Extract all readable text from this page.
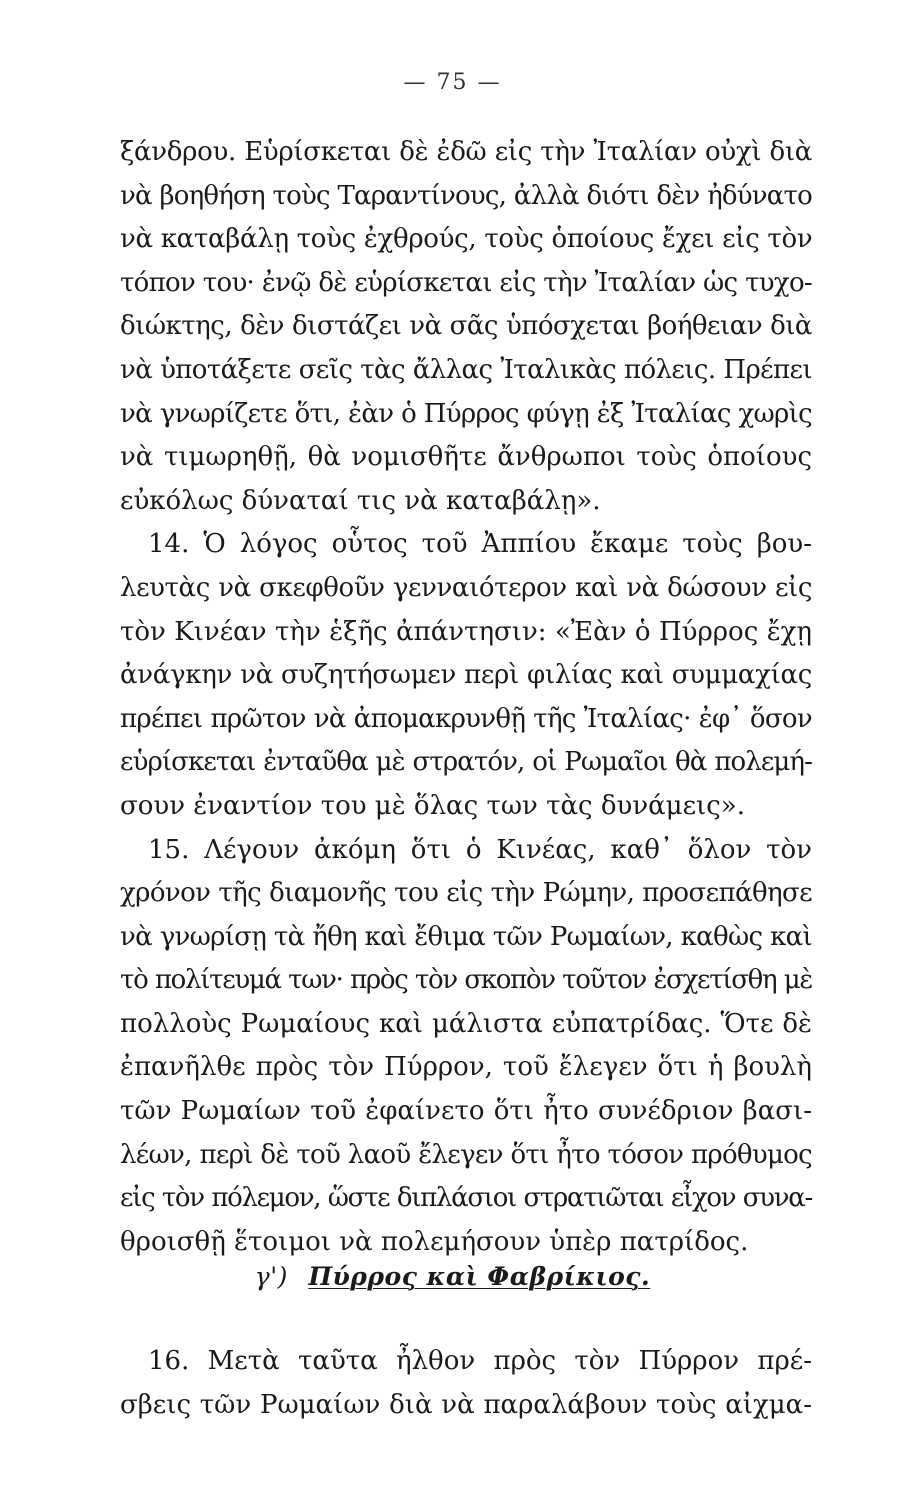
— 75 —
ξάνδρου. Εὑρίσκεται δὲ ἐδῶ εἰς τὴν Ἰταλίαν οὐχὶ διὰ
νὰ βοηθήση τοὺς Ταραντίνους, ἀλλὰ διότι δὲν ἠδύνατο
νὰ καταβάλῃ τοὺς ἐχθρούς, τοὺς ὁποίους ἔχει εἰς τὸν
τόπον του· ἐνῷ δὲ εὑρίσκεται εἰς τὴν Ἰταλίαν ὡς τυχο-
διώκτης, δὲν διστάζει νὰ σᾶς ὑπόσχεται βοήθειαν διὰ
νὰ ὑποτάξετε σεῖς τὰς ἄλλας Ἰταλικὰς πόλεις. Πρέπει
νὰ γνωρίζετε ὅτι, ἐὰν ὁ Πύρρος φύγῃ ἐξ Ἰταλίας χωρὶς
νὰ τιμωρηθῇ, θὰ νομισθῆτε ἄνθρωποι τοὺς ὁποίους
εὐκόλως δύναταί τις νὰ καταβάλῃ».
14. Ὁ λόγος οὗτος τοῦ Ἀππίου ἔκαμε τοὺς βου-
λευτὰς νὰ σκεφθοῦν γενναιότερον καὶ νὰ δώσουν εἰς
τὸν Κινέαν τὴν ἑξῆς ἀπάντησιν: «Ἐὰν ὁ Πύρρος ἔχῃ
ἀνάγκην νὰ συζητήσωμεν περὶ φιλίας καὶ συμμαχίας
πρέπει πρῶτον νὰ ἀπομακρυνθῇ τῆς Ἰταλίας· ἐφ᾽ ὅσον
εὑρίσκεται ἐνταῦθα μὲ στρατόν, οἱ Ρωμαῖοι θὰ πολεμή-
σουν ἐναντίον του μὲ ὅλας των τὰς δυνάμεις».
15. Λέγουν ἀκόμη ὅτι ὁ Κινέας, καθ᾽ ὅλον τὸν
χρόνον τῆς διαμονῆς του εἰς τὴν Ρώμην, προσεπάθησε
νὰ γνωρίσῃ τὰ ἤθη καὶ ἔθιμα τῶν Ρωμαίων, καθὼς καὶ
τὸ πολίτευμά των· πρὸς τὸν σκοπὸν τοῦτον ἐσχετίσθη μὲ
πολλοὺς Ρωμαίους καὶ μάλιστα εὐπατρίδας. Ὅτε δὲ
ἐπανῆλθε πρὸς τὸν Πύρρον, τοῦ ἔλεγεν ὅτι ἡ βουλὴ
τῶν Ρωμαίων τοῦ ἐφαίνετο ὅτι ἦτο συνέδριον βασι-
λέων, περὶ δὲ τοῦ λαοῦ ἔλεγεν ὅτι ἦτο τόσον πρόθυμος
εἰς τὸν πόλεμον, ὥστε διπλάσιοι στρατιῶται εἶχον συνα-
θροισθῇ ἕτοιμοι νὰ πολεμήσουν ὑπὲρ πατρίδος.
γ') Πύρρος καὶ Φαβρίκιος.
16. Μετὰ ταῦτα ἦλθον πρὸς τὸν Πύρρον πρέ-
σβεις τῶν Ρωμαίων διὰ νὰ παραλάβουν τοὺς αἰχμα-
